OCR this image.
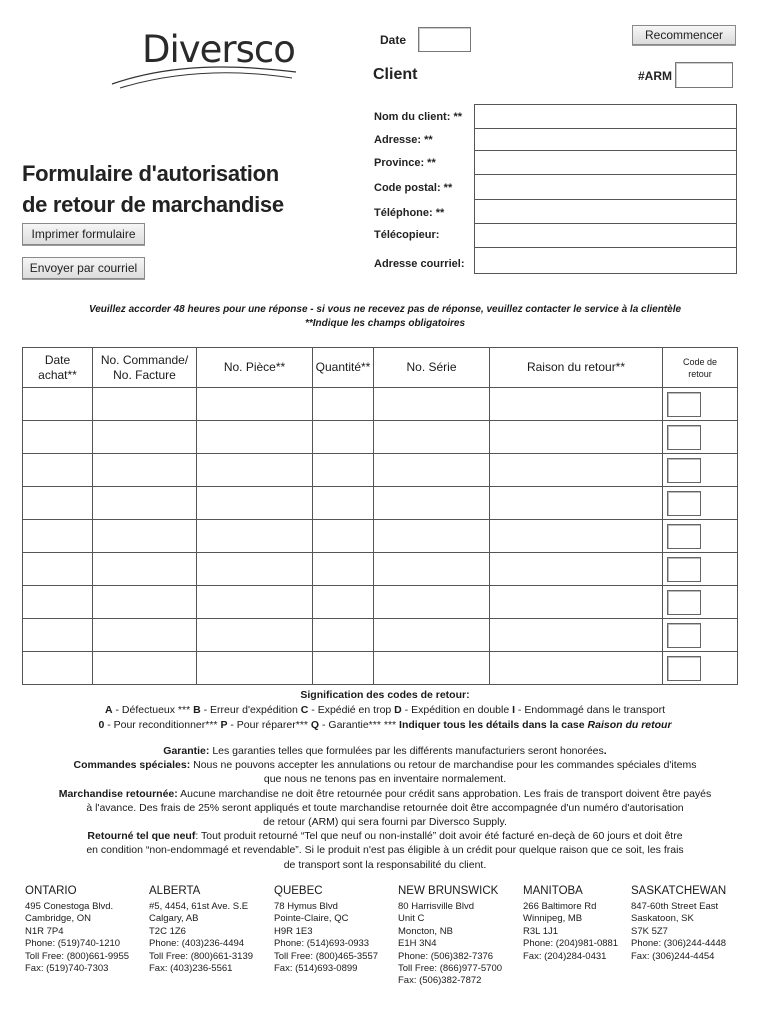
Diversco
Formulaire d'autorisation
de retour de marchandise
Imprimer formulaire
Envoyer par courriel
Recommencer
Date
Client	#ARM
Nom du client: **
Adresse: **
Province: **
Code postal: **
Téléphone: **
Télécopieur:
Adresse courriel:
Veuillez accorder 48 heures pour une réponse - si vous ne recevez pas de réponse, veuillez contacter le service à la clientèle
**Indique les champs obligatoires
Date
achat**	No. Commande/
No. Facture	No. Pièce**	Quantité**	No. Série	Raison du retour**	Code de
retour

Signification des codes de retour:
A - Défectueux *** B - Erreur d'expédition C - Expédié en trop D - Expédition en double I - Endommagé dans le transport
0 - Pour reconditionner*** P - Pour réparer*** Q - Garantie*** *** Indiquer tous les détails dans la case Raison du retour
Garantie: Les garanties telles que formulées par les différents manufacturiers seront honorées.
Commandes spéciales: Nous ne pouvons accepter les annulations ou retour de marchandise pour les commandes spéciales d'items
que nous ne tenons pas en inventaire normalement.
Marchandise retournée: Aucune marchandise ne doit être retournée pour crédit sans approbation. Les frais de transport doivent être payés
à l'avance. Des frais de 25% seront appliqués et toute marchandise retournée doit être accompagnée d'un numéro d'autorisation
de retour (ARM) qui sera fourni par Diversco Supply.
Retourné tel que neuf: Tout produit retourné “Tel que neuf ou non-installé” doit avoir été facturé en-deçà de 60 jours et doit être
en condition “non-endommagé et revendable”. Si le produit n'est pas éligible à un crédit pour quelque raison que ce soit, les frais
de transport sont la responsabilité du client.
ONTARIO
495 Conestoga Blvd.
Cambridge, ON
N1R 7P4
Phone: (519)740-1210
Toll Free: (800)661-9955
Fax: (519)740-7303
ALBERTA
#5, 4454, 61st Ave. S.E
Calgary, AB
T2C 1Z6
Phone: (403)236-4494
Toll Free: (800)661-3139
Fax: (403)236-5561
QUEBEC
78 Hymus Blvd
Pointe-Claire, QC
H9R 1E3
Phone: (514)693-0933
Toll Free: (800)465-3557
Fax: (514)693-0899
NEW BRUNSWICK
80 Harrisville Blvd
Unit C
Moncton, NB
E1H 3N4
Phone: (506)382-7376
Toll Free: (866)977-5700
Fax: (506)382-7872
MANITOBA
266 Baltimore Rd
Winnipeg, MB
R3L 1J1
Phone: (204)981-0881
Fax: (204)284-0431
SASKATCHEWAN
847-60th Street East
Saskatoon, SK
S7K 5Z7
Phone: (306)244-4448
Fax: (306)244-4454
